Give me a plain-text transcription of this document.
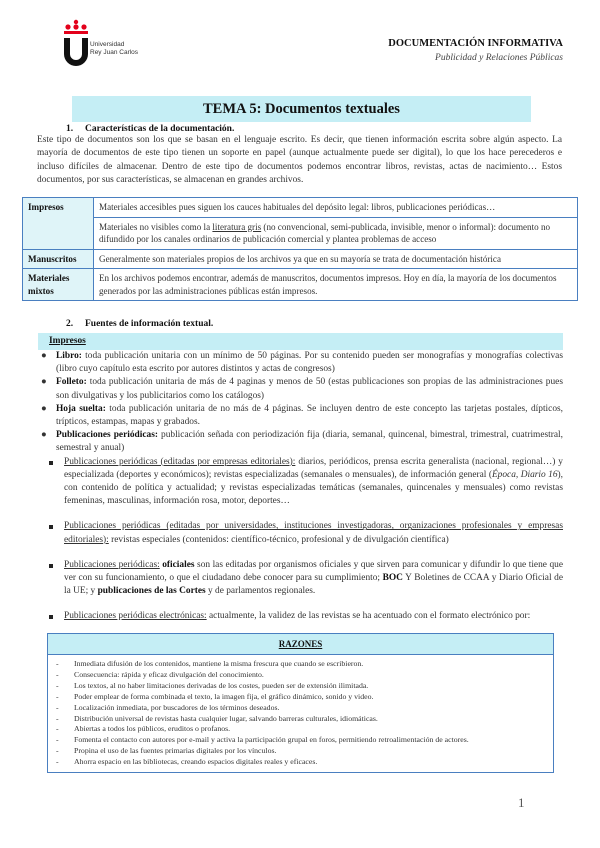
Universidad
Rey Juan Carlos
DOCUMENTACIÓN INFORMATIVA
Publicidad y Relaciones Públicas
TEMA 5: Documentos textuales
1. Características de la documentación.
Este tipo de documentos son los que se basan en el lenguaje escrito. Es decir, que tienen información escrita sobre algún aspecto. La mayoría de documentos de este tipo tienen un soporte en papel (aunque actualmente puede ser digital), lo que los hace perecederos e incluso difíciles de almacenar. Dentro de este tipo de documentos podemos encontrar libros, revistas, actas de nacimiento… Estos documentos, por sus características, se almacenan en grandes archivos.
Impresos	Materiales accesibles pues siguen los cauces habituales del depósito legal: libros, publicaciones periódicas…
	Materiales no visibles como la literatura gris (no convencional, semi-publicada, invisible, menor o informal): documento no difundido por los canales ordinarios de publicación comercial y plantea problemas de acceso
Manuscritos	Generalmente son materiales propios de los archivos ya que en su mayoría se trata de documentación histórica
Materiales mixtos	En los archivos podemos encontrar, además de manuscritos, documentos impresos. Hoy en día, la mayoría de los documentos generados por las administraciones públicas están impresos.
2. Fuentes de información textual.
Impresos
● Libro: toda publicación unitaria con un mínimo de 50 páginas. Por su contenido pueden ser monografías y monografías colectivas (libro cuyo capítulo esta escrito por autores distintos y actas de congresos)
● Folleto: toda publicación unitaria de más de 4 paginas y menos de 50 (estas publicaciones son propias de las administraciones pues son divulgativas y los publicitarios como los catálogos)
● Hoja suelta: toda publicación unitaria de no más de 4 páginas. Se incluyen dentro de este concepto las tarjetas postales, dípticos, trípticos, estampas, mapas y grabados.
● Publicaciones periódicas: publicación señada con periodización fija (diaria, semanal, quincenal, bimestral, trimestral, cuatrimestral, semestral y anual)
Publicaciones periódicas (editadas por empresas editoriales): diarios, periódicos, prensa escrita generalista (nacional, regional…) y especializada (deportes y económicos); revistas especializadas (semanales o mensuales), de información general (Época, Diario 16), con contenido de política y actualidad; y revistas especializadas temáticas (semanales, quincenales y mensuales) como revistas femeninas, masculinas, información rosa, motor, deportes…
Publicaciones periódicas (editadas por universidades, instituciones investigadoras, organizaciones profesionales y empresas editoriales): revistas especiales (contenidos: científico-técnico, profesional y de divulgación científica)
Publicaciones periódicas: oficiales son las editadas por organismos oficiales y que sirven para comunicar y difundir lo que tiene que ver con su funcionamiento, o que el ciudadano debe conocer para su cumplimiento; BOC Y Boletines de CCAA y Diario Oficial de la UE; y publicaciones de las Cortes y de parlamentos regionales.
Publicaciones periódicas electrónicas: actualmente, la validez de las revistas se ha acentuado con el formato electrónico por:
RAZONES
- Inmediata difusión de los contenidos, mantiene la misma frescura que cuando se escribieron.
- Consecuencia: rápida y eficaz divulgación del conocimiento.
- Los textos, al no haber limitaciones derivadas de los costes, pueden ser de extensión ilimitada.
- Poder emplear de forma combinada el texto, la imagen fija, el gráfico dinámico, sonido y video.
- Localización inmediata, por buscadores de los términos deseados.
- Distribución universal de revistas hasta cualquier lugar, salvando barreras culturales, idiomáticas.
- Abiertas a todos los públicos, eruditos o profanos.
- Fomenta el contacto con autores por e-mail y activa la participación grupal en foros, permitiendo retroalimentación de actores.
- Propina el uso de las fuentes primarias digitales por los vínculos.
- Ahorra espacio en las bibliotecas, creando espacios digitales reales y eficaces.
1
